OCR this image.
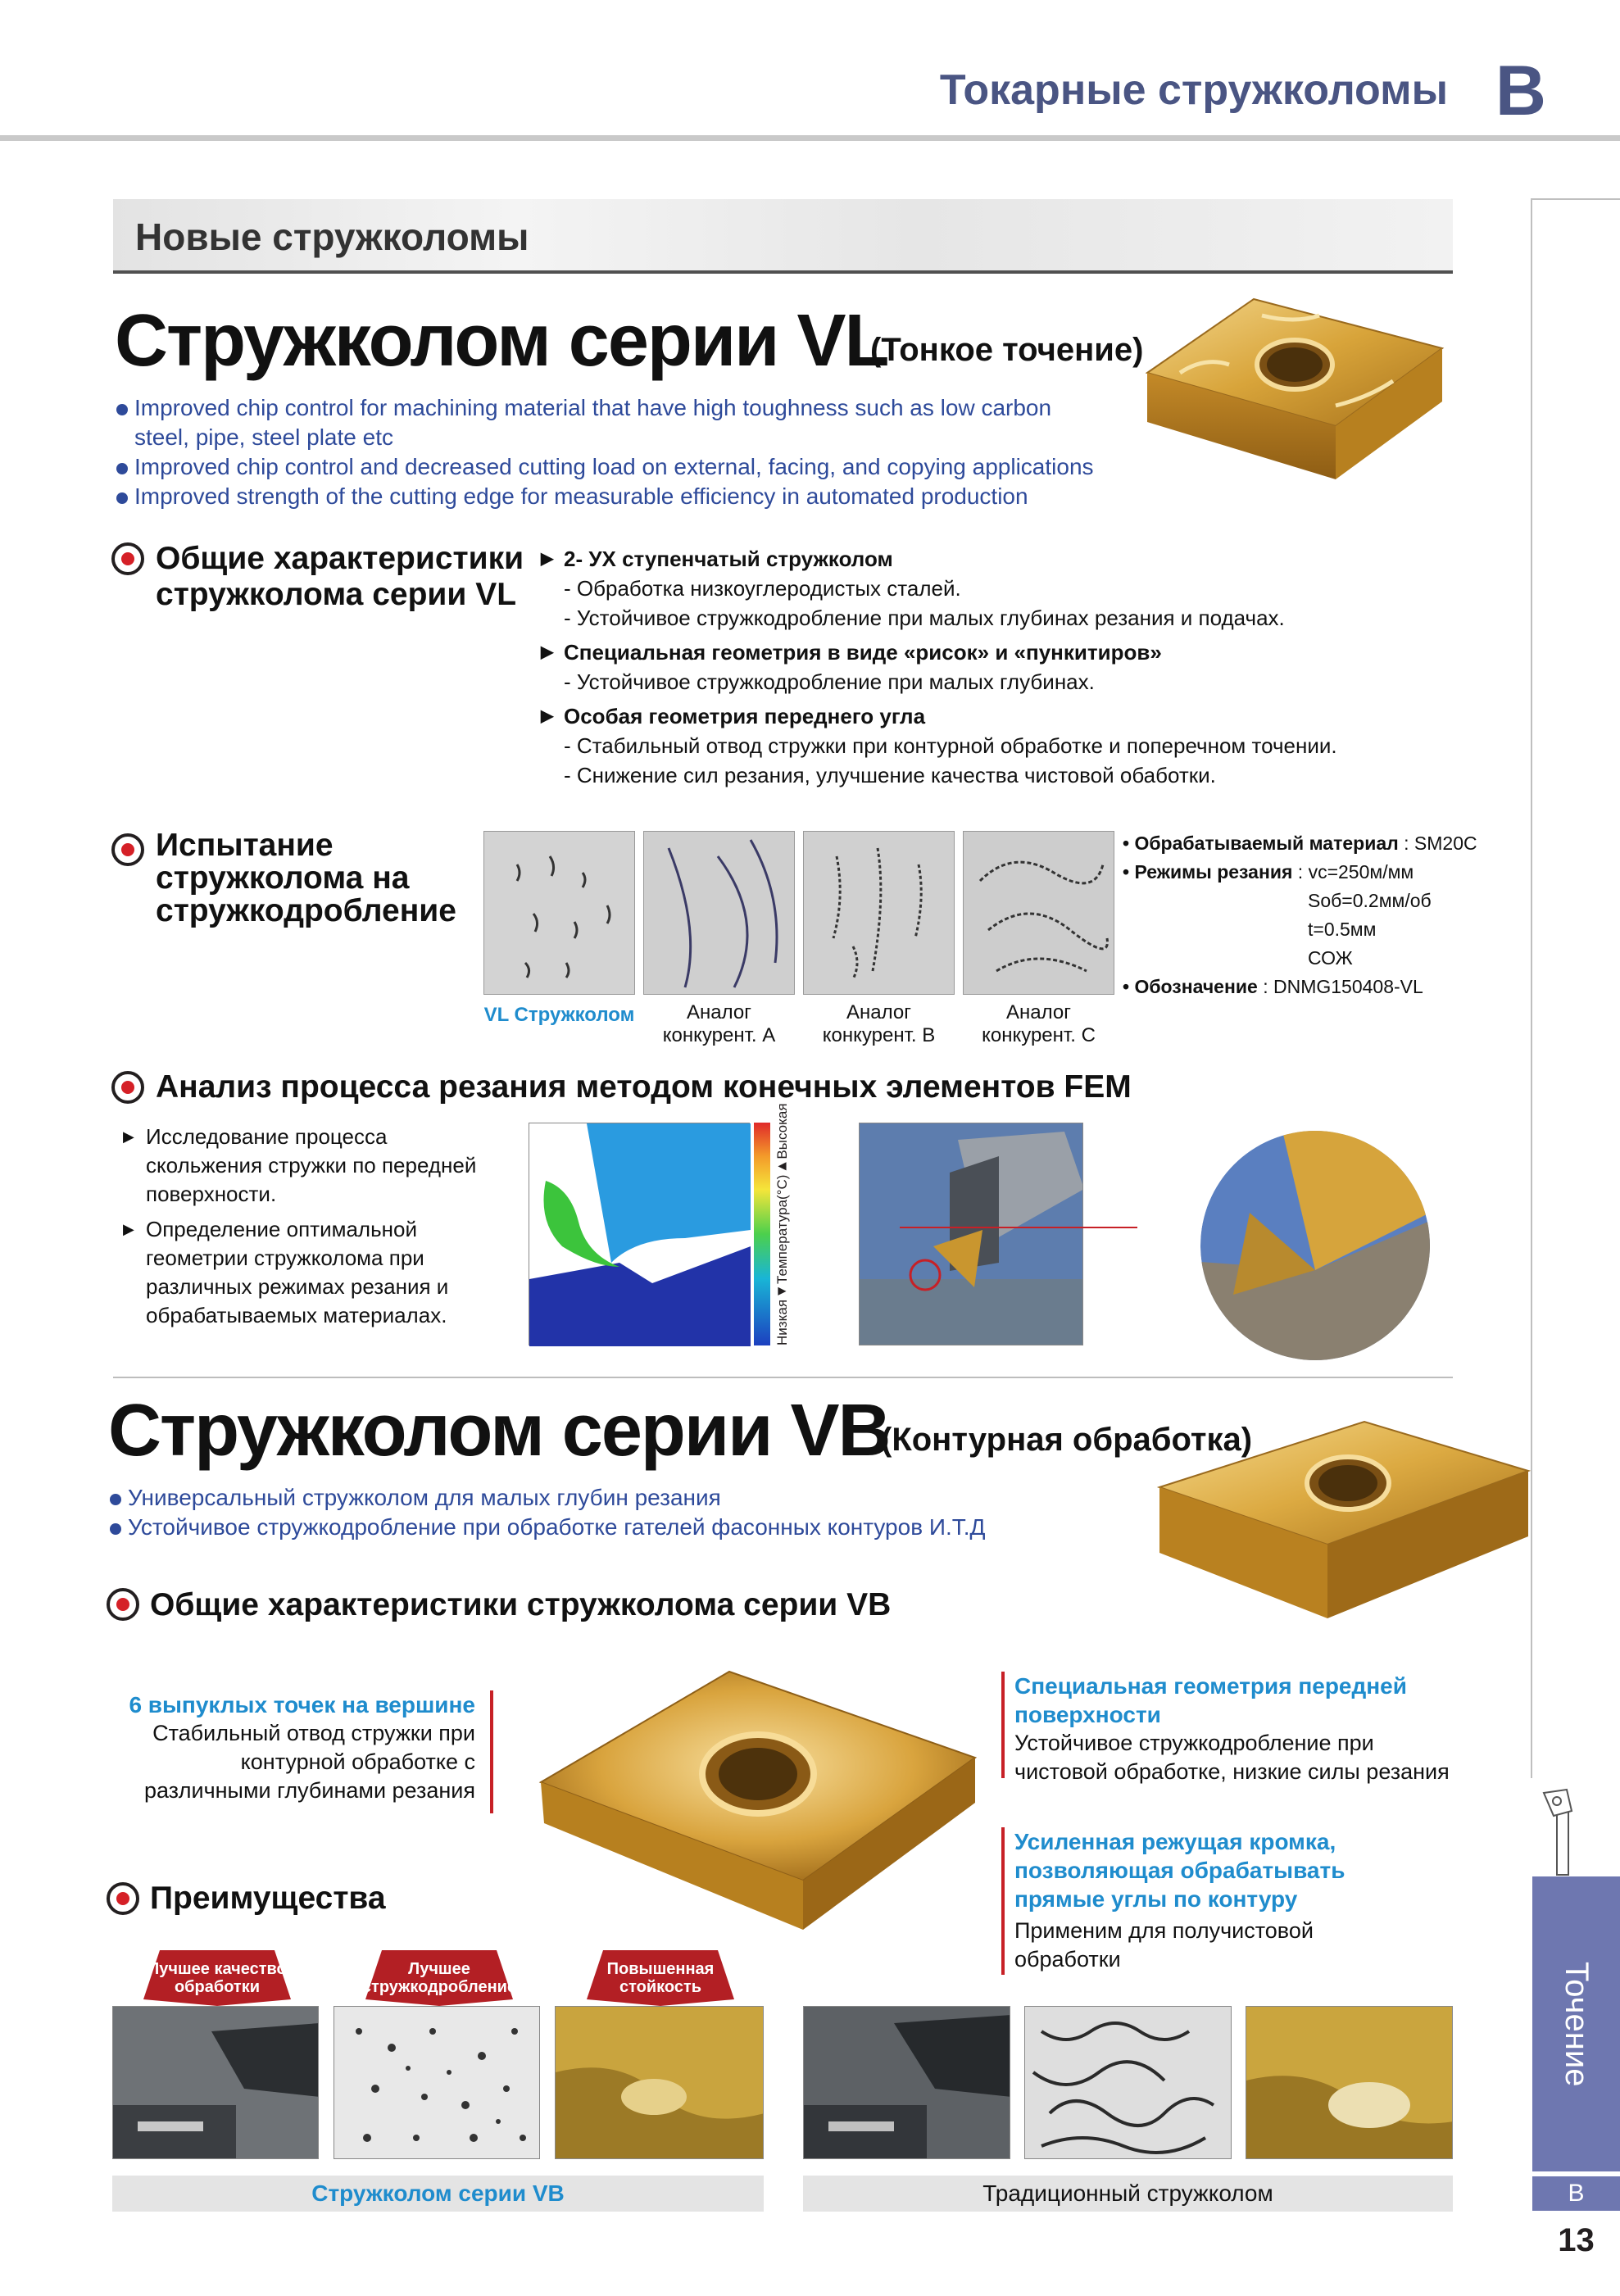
Токарные стружколомы B
Точение
B
13
Новые стружколомы
Стружколом серии VL
(Тонкое точение)
Improved chip control for machining material that have high toughness such as low carbon
steel, pipe, steel plate etc
Improved chip control and decreased cutting load on external, facing, and copying applications
Improved strength of the cutting edge for measurable efficiency in automated production
Общие характеристики
стружколома серии VL
▶ 2- УХ ступенчатый стружколом
- Обработка низкоуглеродистых сталей.
- Устойчивое стружкодробление при малых глубинах резания и подачах.
▶ Специальная геометрия в виде «рисок» и «пункитиров»
- Устойчивое стружкодробление при малых глубинах.
▶ Особая геометрия переднего угла
- Стабильный отвод стружки при контурной обработке и поперечном точении.
- Снижение сил резания, улучшение качества чистовой обаботки.
Испытание
стружколома на
стружкодробление
VL Стружколом	Аналог
конкурент. A
Аналог
конкурент. B
Аналог
конкурент. C
• Обрабатываемый материал : SM20C
• Режимы резания : vc=250м/мм
Sоб=0.2мм/об
t=0.5мм
СОЖ
• Обозначение : DNMG150408-VL
Анализ процесса резания методом конечных элементов FEM
▶ Исследование процесса
скольжения стружки по передней
поверхности.
▶ Определение оптимальной
геометрии стружколома при
различных режимах резания и
обрабатываемых материалах.	Низкая◄Температура(°C)►Высокая
Стружколом серии VB
(Контурная обработка)
Универсальный стружколом для малых глубин резания
Устойчивое стружкодробление при обработке гателей фасонных контуров И.Т.Д
Общие характеристики стружколома серии VB
6 выпуклых точек на вершине
Стабильный отвод стружки при
контурной обработке с
различными глубинами резания
Специальная геометрия передней
поверхности
Устойчивое стружкодробление при
чистовой обработке, низкие силы резания
Усиленная режущая кромка,
позволяющая обрабатывать
прямые углы по контуру
Применим для получистовой
обработки
Преимущества
Лучшее качество
обработки
Лучшее
стружкодробление
Повышенная
стойкость
Стружколом серии VB	Традиционный стружколом
